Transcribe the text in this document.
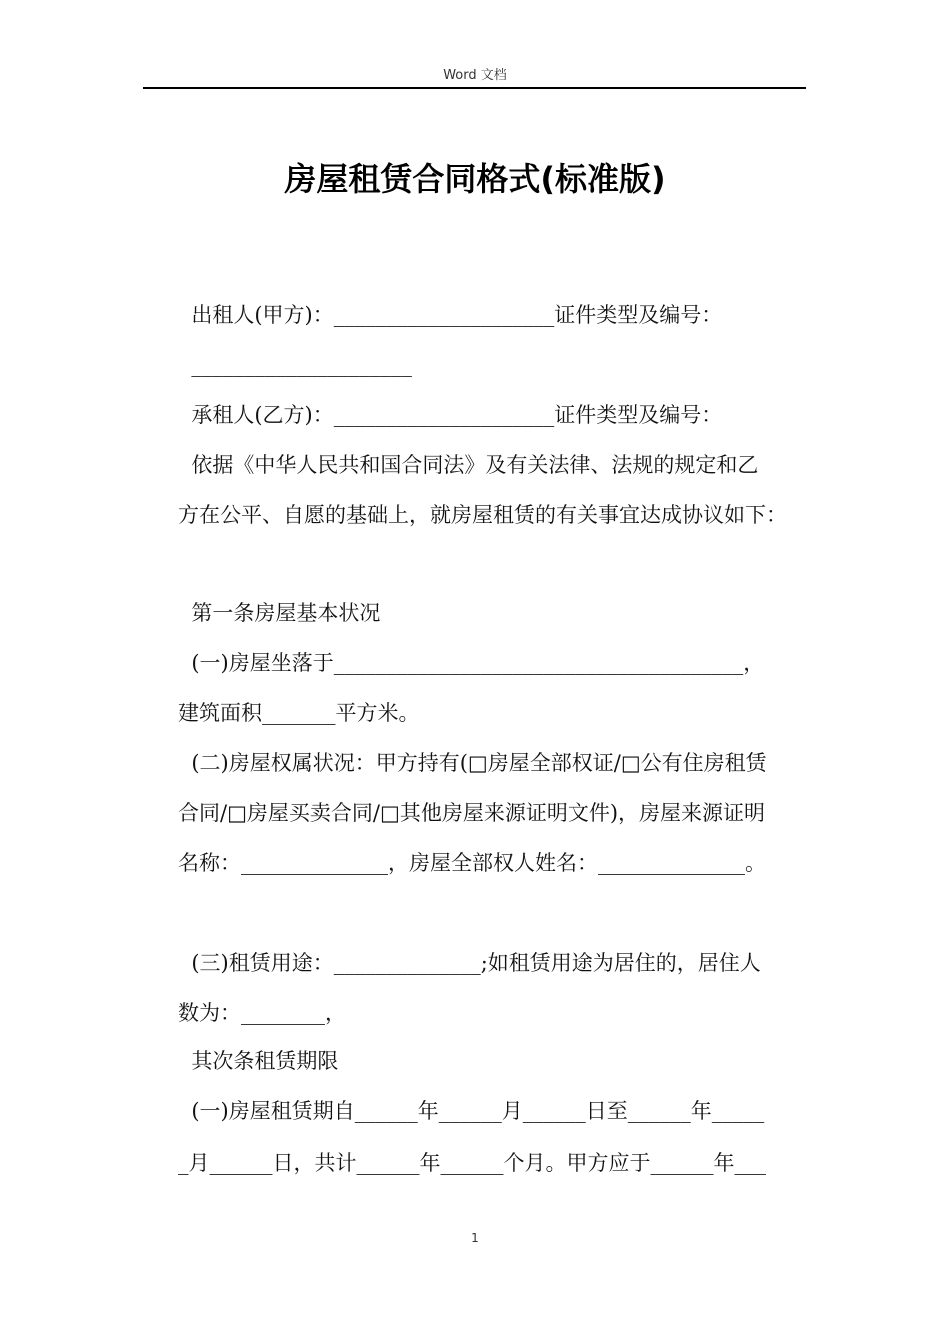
Word 文档
房屋租赁合同格式(标准版)
出租人(甲方)：_____________________证件类型及编号：
_____________________
承租人(乙方)：_____________________证件类型及编号：
依据《中华人民共和国合同法》及有关法律、法规的规定和乙
方在公平、自愿的基础上，就房屋租赁的有关事宜达成协议如下：
第一条房屋基本状况
(一)房屋坐落于_______________________________________，
建筑面积_______平方米。
(二)房屋权属状况：甲方持有(□房屋全部权证/□公有住房租赁
合同/□房屋买卖合同/□其他房屋来源证明文件)，房屋来源证明
名称：______________，房屋全部权人姓名：______________。
(三)租赁用途：______________;如租赁用途为居住的，居住人
数为：________，
其次条租赁期限
(一)房屋租赁期自______年______月______日至______年_____
_月______日，共计______年______个月。甲方应于______年___
1
